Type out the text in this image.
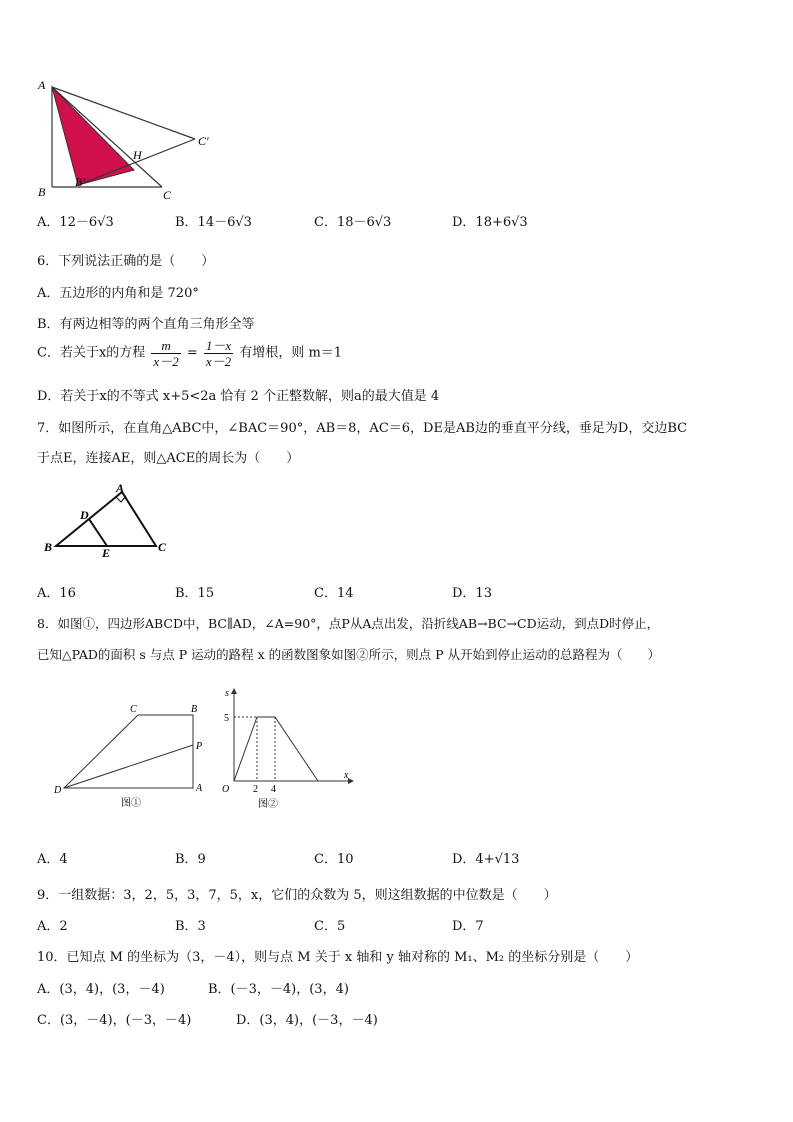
A
B	C
C′
B′
H
A．12－6√3	B．14－6√3	C．18－6√3	D．18+6√3
6．下列说法正确的是（　　）
A．五边形的内角和是 720°
B．有两边相等的两个直角三角形全等
C．若关于x的方程 $\frac{m}{x-2} = \frac{1-x}{x-2}$ 有增根，则 m＝1
D．若关于x的不等式 x+5<2a 恰有 2 个正整数解，则a的最大值是 4
7．如图所示，在直角△ABC中，∠BAC＝90°，AB＝8，AC＝6，DE是AB边的垂直平分线，垂足为D，交边BC
于点E，连接AE，则△ACE的周长为（　　）
A
B	C
D
E
A．16	B．15	C．14	D．13
8．如图①，四边形ABCD中，BC∥AD，∠A=90°，点P从A点出发，沿折线AB→BC→CD运动，到点D时停止，
已知△PAD的面积 s 与点 P 运动的路程 x 的函数图象如图②所示，则点 P 从开始到停止运动的总路程为（　　）
C	B
P
D	A
图①
s
x
O
5
2 4
图②
A．4	B．9	C．10	D．4+√13
9．一组数据：3，2，5，3，7，5，x，它们的众数为 5，则这组数据的中位数是（　　）
A．2	B．3	C．5	D．7
10．已知点 M 的坐标为（3，－4），则与点 M 关于 x 轴和 y 轴对称的 M₁、M₂ 的坐标分别是（　　）
A．(3，4)，(3，－4)	B．(－3，－4)，(3，4)
C．(3，－4)，(－3，－4)	D．(3，4)，(－3，－4)
